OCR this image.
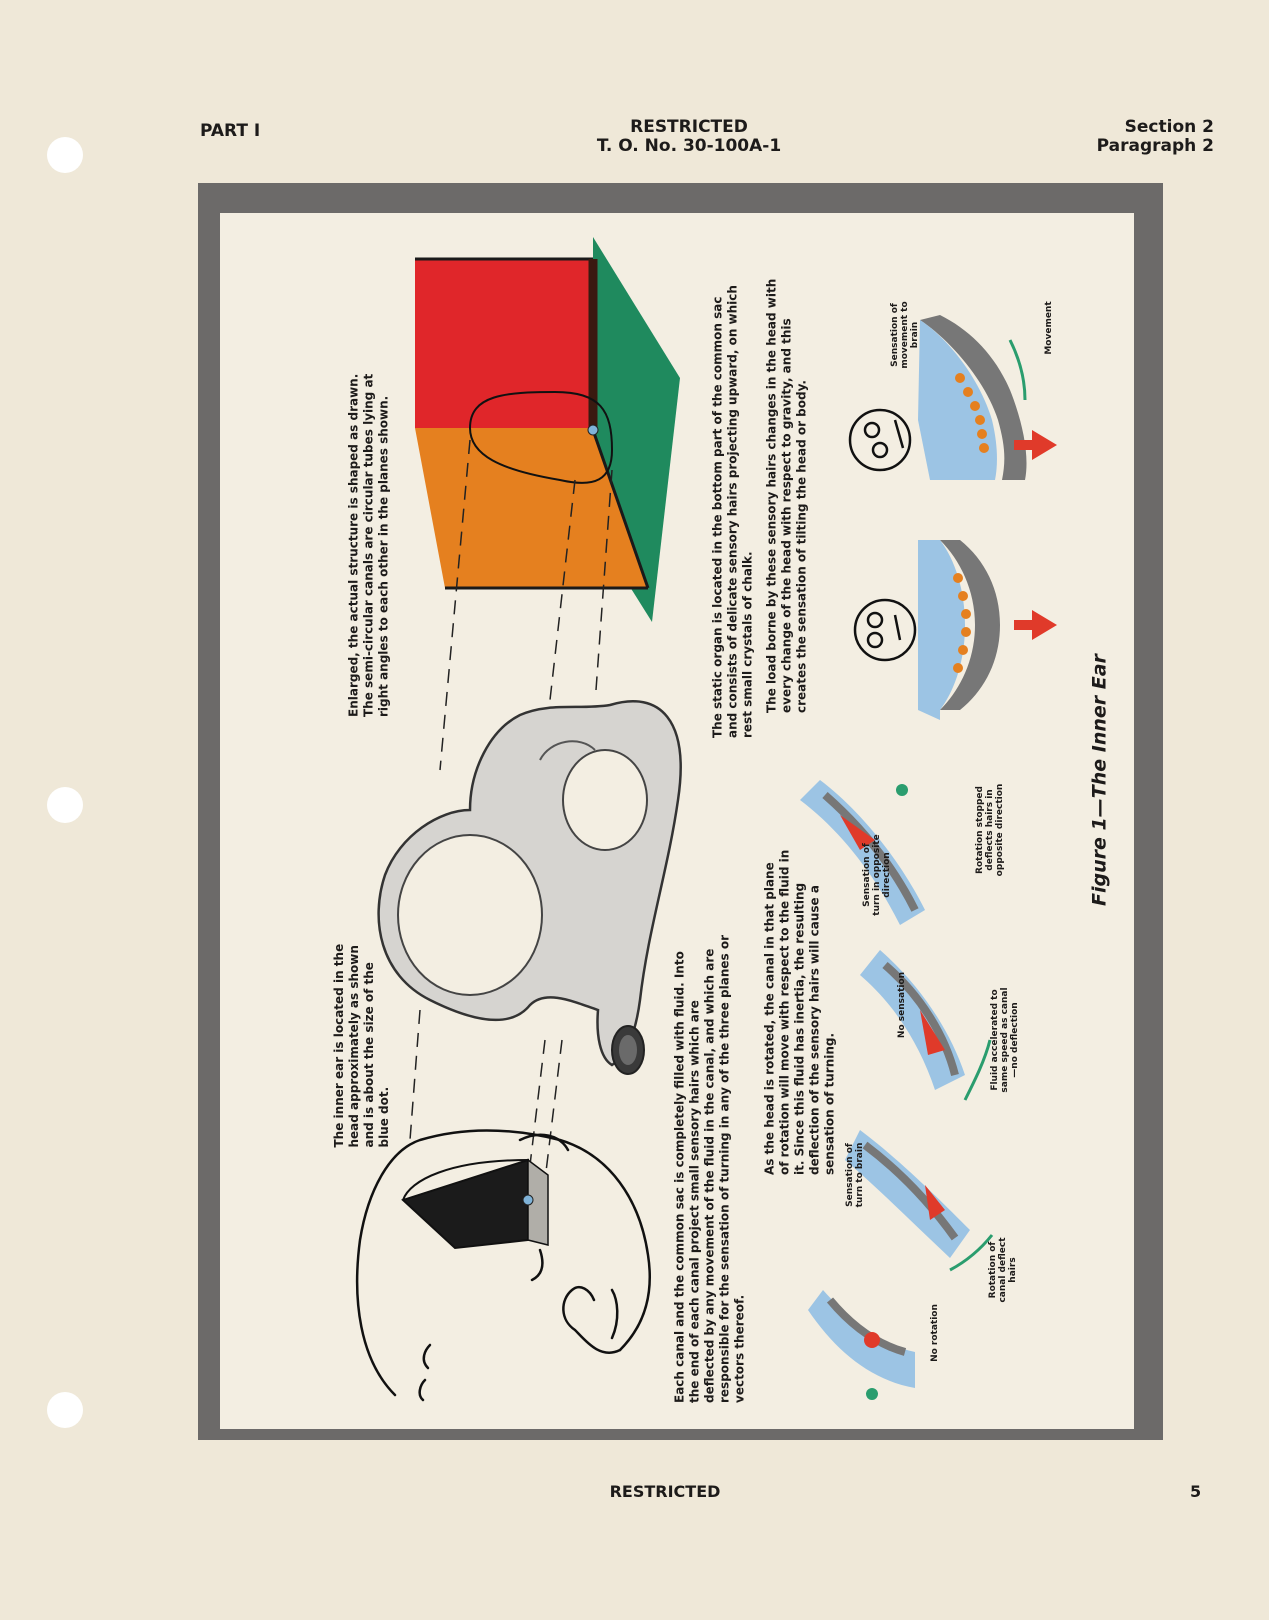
PART I	RESTRICTED
T. O. No. 30-100A-1
Section 2
Paragraph 2
The inner ear is located in the head approximately as shown and is about the size of the blue dot.
Enlarged, the actual structure is shaped as drawn. The semi-circular canals are circular tubes lying at right angles to each other in the planes shown.	The static organ is located in the bottom part of the common sac and consists of delicate sensory hairs projecting upward, on which rest small crystals of chalk. The load borne by these sensory hairs changes in the head with every change of the head with respect to gravity, and this creates the sensation of tilting the head or body.
Each canal and the common sac is completely filled with fluid. Into the end of each canal project small sensory hairs which are deflected by any movement of the fluid in the canal, and which are responsible for the sensation of turning in any of the three planes or vectors thereof.
As the head is rotated, the canal in that plane of rotation will move with respect to the fluid in it. Since this fluid has inertia, the resulting deflection of the sensory hairs will cause a sensation of turning.
No rotation
Rotation of canal deflect hairs
Sensation of turn to brain
No sensation	Fluid accelerated to same speed as canal—no deflection
Sensation of turn in opposite direction
Rotation stopped deflects hairs in opposite direction
Sensation of movement to brain	Movement
Figure 1—The Inner Ear
RESTRICTED	5
